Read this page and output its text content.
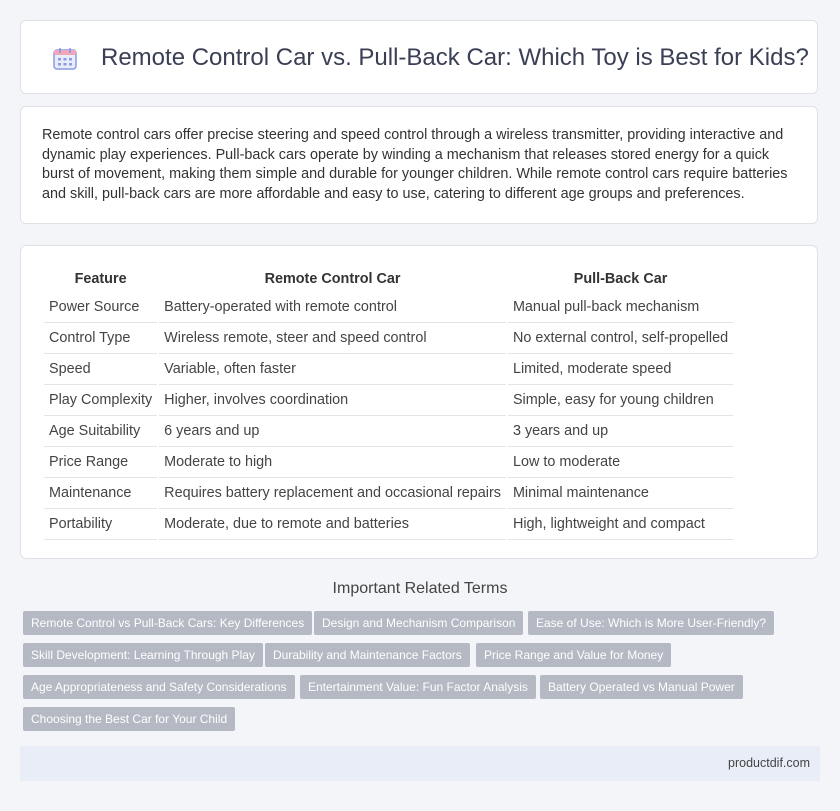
Remote Control Car vs. Pull-Back Car: Which Toy is Best for Kids?

Remote control cars offer precise steering and speed control through a wireless transmitter, providing interactive and dynamic play experiences. Pull-back cars operate by winding a mechanism that releases stored energy for a quick burst of movement, making them simple and durable for younger children. While remote control cars require batteries and skill, pull-back cars are more affordable and easy to use, catering to different age groups and preferences.

Feature	Remote Control Car	Pull-Back Car
Power Source	Battery-operated with remote control	Manual pull-back mechanism
Control Type	Wireless remote, steer and speed control	No external control, self-propelled
Speed	Variable, often faster	Limited, moderate speed
Play Complexity	Higher, involves coordination	Simple, easy for young children
Age Suitability	6 years and up	3 years and up
Price Range	Moderate to high	Low to moderate
Maintenance	Requires battery replacement and occasional repairs	Minimal maintenance
Portability	Moderate, due to remote and batteries	High, lightweight and compact
Important Related Terms
Remote Control vs Pull-Back Cars: Key Differences	Design and Mechanism Comparison	Ease of Use: Which is More User-Friendly?
Skill Development: Learning Through Play	Durability and Maintenance Factors	Price Range and Value for Money
Age Appropriateness and Safety Considerations	Entertainment Value: Fun Factor Analysis	Battery Operated vs Manual Power
Choosing the Best Car for Your Child
productdif.com
